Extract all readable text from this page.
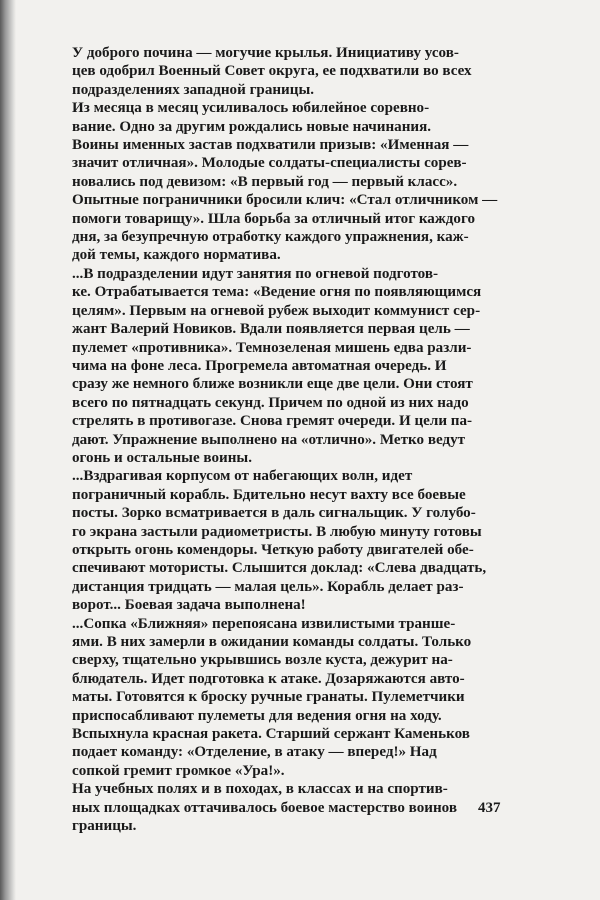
У доброго почина — могучие крылья. Инициативу усов-
цев одобрил Военный Совет округа, ее подхватили во всех
подразделениях западной границы.

Из месяца в месяц усиливалось юбилейное соревно-
вание. Одно за другим рождались новые начинания.
Воины именных застав подхватили призыв: «Именная —
значит отличная». Молодые солдаты-специалисты сорев-
новались под девизом: «В первый год — первый класс».
Опытные пограничники бросили клич: «Стал отличником —
помоги товарищу». Шла борьба за отличный итог каждого
дня, за безупречную отработку каждого упражнения, каж-
дой темы, каждого норматива.

...В подразделении идут занятия по огневой подготов-
ке. Отрабатывается тема: «Ведение огня по появляющимся
целям». Первым на огневой рубеж выходит коммунист сер-
жант Валерий Новиков. Вдали появляется первая цель —
пулемет «противника». Темнозеленая мишень едва разли-
чима на фоне леса. Прогремела автоматная очередь. И
сразу же немного ближе возникли еще две цели. Они стоят
всего по пятнадцать секунд. Причем по одной из них надо
стрелять в противогазе. Снова гремят очереди. И цели па-
дают. Упражнение выполнено на «отлично». Метко ведут
огонь и остальные воины.

...Вздрагивая корпусом от набегающих волн, идет
пограничный корабль. Бдительно несут вахту все боевые
посты. Зорко всматривается в даль сигнальщик. У голубо-
го экрана застыли радиометристы. В любую минуту готовы
открыть огонь комендоры. Четкую работу двигателей обе-
спечивают мотористы. Слышится доклад: «Слева двадцать,
дистанция тридцать — малая цель». Корабль делает раз-
ворот... Боевая задача выполнена!

...Сопка «Ближняя» перепоясана извилистыми транше-
ями. В них замерли в ожидании команды солдаты. Только
сверху, тщательно укрывшись возле куста, дежурит на-
блюдатель. Идет подготовка к атаке. Дозаряжаются авто-
маты. Готовятся к броску ручные гранаты. Пулеметчики
приспосабливают пулеметы для ведения огня на ходу.
Вспыхнула красная ракета. Старший сержант Каменьков
подает команду: «Отделение, в атаку — вперед!» Над
сопкой гремит громкое «Ура!».

На учебных полях и в походах, в классах и на спортив-
ных площадках оттачивалось боевое мастерство воинов
границы.

437
